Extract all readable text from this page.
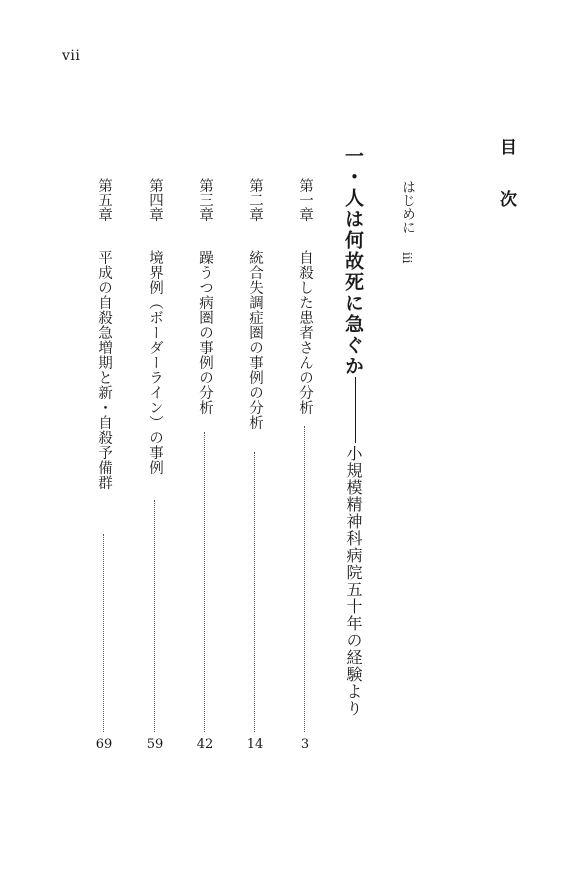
vii
目　次
はじめにiii
一・人は何故死に急ぐか小規模精神科病院五十年の経験より
第一章
自殺した患者さんの分析
3
第二章
統合失調症圏の事例の分析
14
第三章
躁うつ病圏の事例の分析
42
第四章
境界例（ボーダーライン）の事例
59
第五章
平成の自殺急増期と新・自殺予備群
69
